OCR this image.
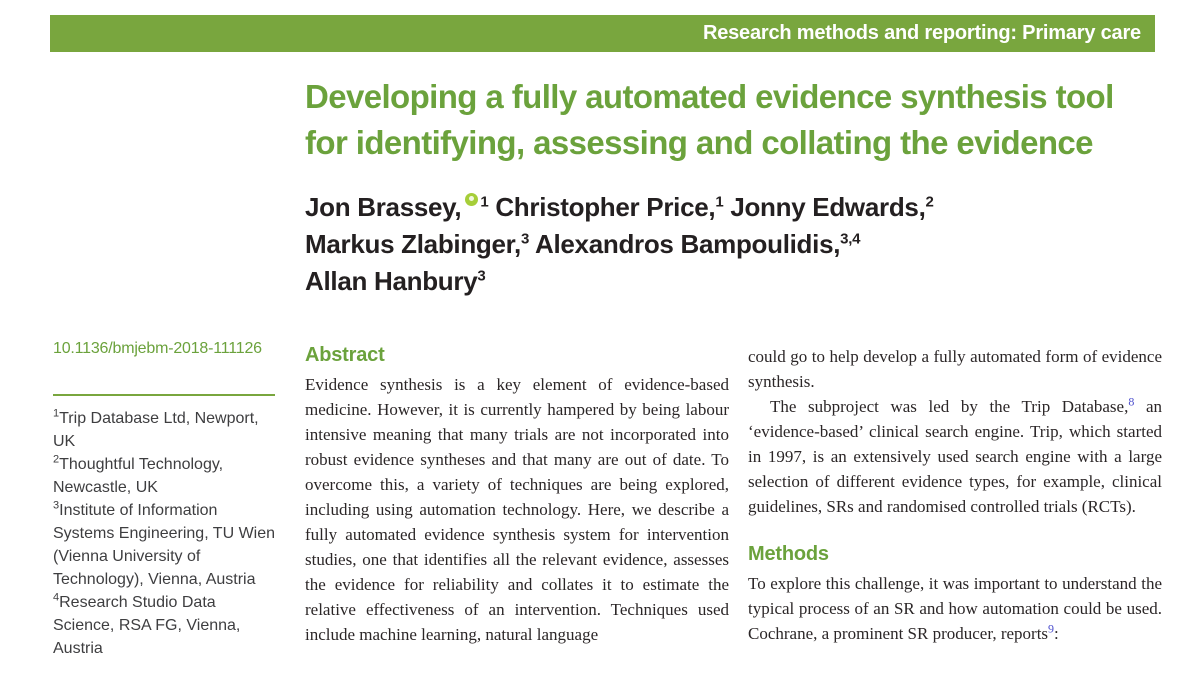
Research methods and reporting: Primary care
Developing a fully automated evidence synthesis tool
for identifying, assessing and collating the evidence
Jon Brassey, $^1$ Christopher Price,$^1$ Jonny Edwards,$^2$
Markus Zlabinger,$^3$ Alexandros Bampoulidis,$^{3,4}$
Allan Hanbury$^3$
10.1136/bmjebm-2018-111126
$^1$Trip Database Ltd, Newport, UK
$^2$Thoughtful Technology, Newcastle, UK
$^3$Institute of Information Systems Engineering, TU Wien (Vienna University of Technology), Vienna, Austria
$^4$Research Studio Data Science, RSA FG, Vienna, Austria
Abstract

Evidence synthesis is a key element of evidence-based medicine. However, it is currently hampered by being labour intensive meaning that many trials are not incorporated into robust evidence syntheses and that many are out of date. To overcome this, a variety of techniques are being explored, including using automation technology. Here, we describe a fully automated evidence synthesis system for intervention studies, one that identifies all the relevant evidence, assesses the evidence for reliability and collates it to estimate the relative effectiveness of an intervention. Techniques used include machine learning, natural language

could go to help develop a fully automated form of evidence synthesis.

The subproject was led by the Trip Database,$^8$ an ‘evidence-based’ clinical search engine. Trip, which started in 1997, is an extensively used search engine with a large selection of different evidence types, for example, clinical guidelines, SRs and randomised controlled trials (RCTs).

Methods

To explore this challenge, it was important to understand the typical process of an SR and how automation could be used. Cochrane, a prominent SR producer, reports$^9$:
